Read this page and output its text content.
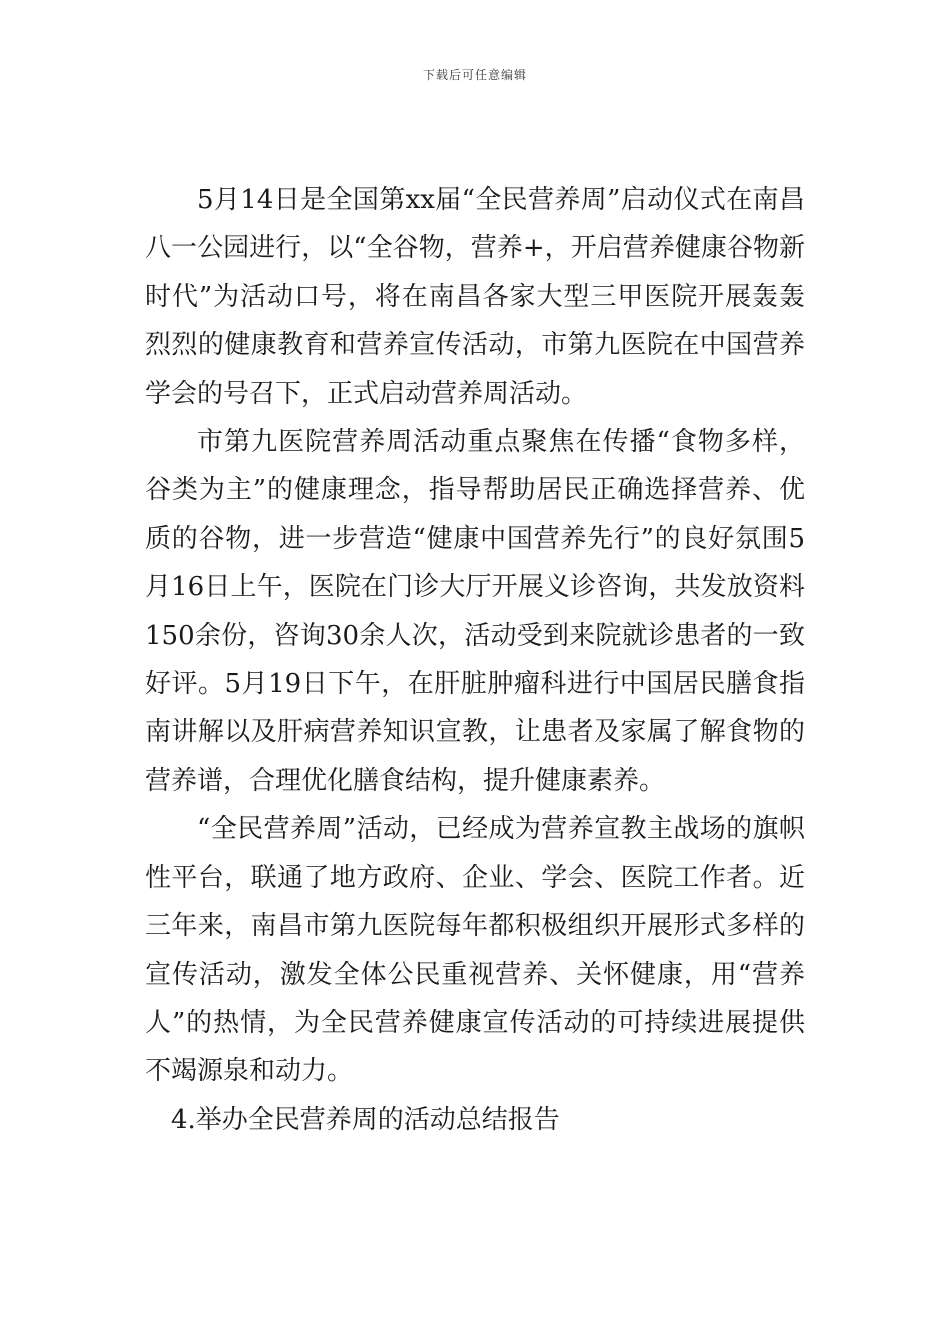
下载后可任意编辑

5月14日是全国第xx届“全民营养周”启动仪式在南昌八一公园进行，以“全谷物，营养+，开启营养健康谷物新时代”为活动口号，将在南昌各家大型三甲医院开展轰轰烈烈的健康教育和营养宣传活动，市第九医院在中国营养学会的号召下，正式启动营养周活动。

市第九医院营养周活动重点聚焦在传播“食物多样，谷类为主”的健康理念，指导帮助居民正确选择营养、优质的谷物，进一步营造“健康中国营养先行”的良好氛围5月16日上午，医院在门诊大厅开展义诊咨询，共发放资料150余份，咨询30余人次，活动受到来院就诊患者的一致好评。5月19日下午，在肝脏肿瘤科进行中国居民膳食指南讲解以及肝病营养知识宣教，让患者及家属了解食物的营养谱，合理优化膳食结构，提升健康素养。

“全民营养周”活动，已经成为营养宣教主战场的旗帜性平台，联通了地方政府、企业、学会、医院工作者。近三年来，南昌市第九医院每年都积极组织开展形式多样的宣传活动，激发全体公民重视营养、关怀健康，用“营养人”的热情，为全民营养健康宣传活动的可持续进展提供不竭源泉和动力。

4.举办全民营养周的活动总结报告
